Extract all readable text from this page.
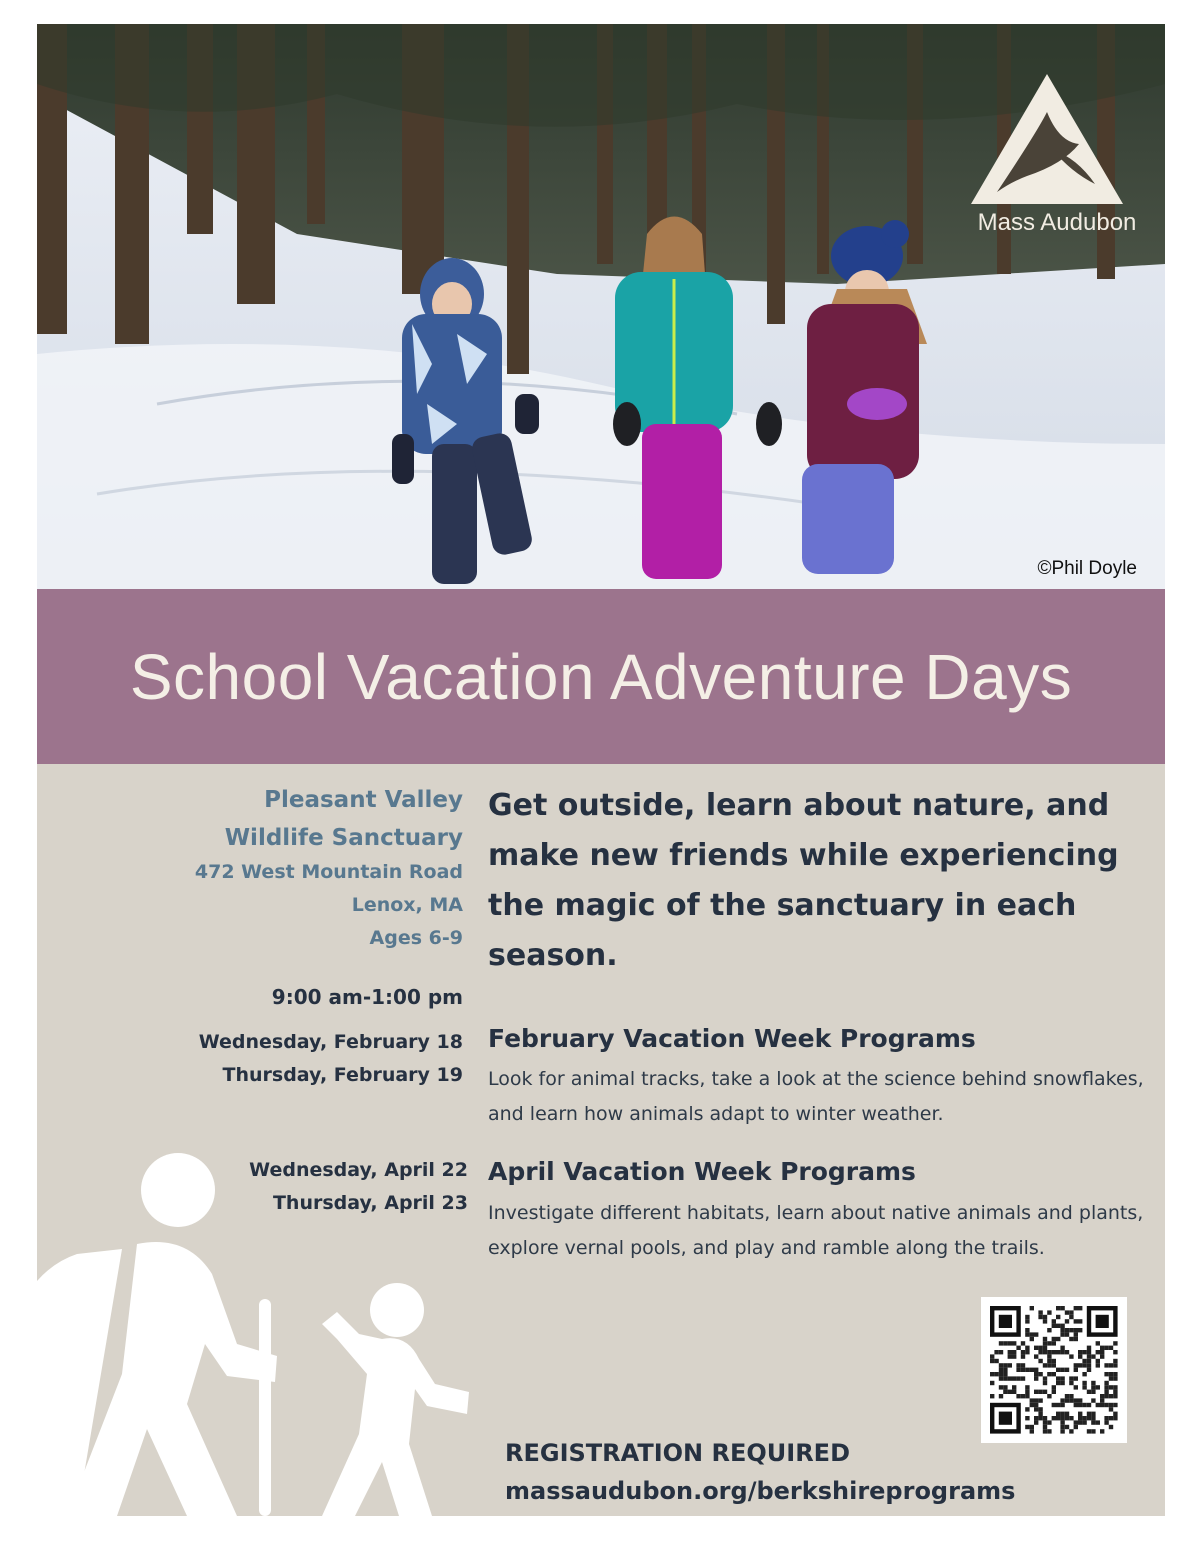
Mass Audubon
©Phil Doyle
School Vacation Adventure Days
Pleasant Valley
Wildlife Sanctuary
472 West Mountain Road
Lenox, MA
Ages 6-9
9:00 am-1:00 pm
Wednesday, February 18
Thursday, February 19
Wednesday, April 22
Thursday, April 23
Get outside, learn about nature, and make new friends while experiencing the magic of the sanctuary in each season.
February Vacation Week Programs
Look for animal tracks, take a look at the science behind snowflakes, and learn how animals adapt to winter weather.
April Vacation Week Programs
Investigate different habitats, learn about native animals and plants, explore vernal pools, and play and ramble along the trails.
REGISTRATION REQUIRED
massaudubon.org/berkshireprograms
